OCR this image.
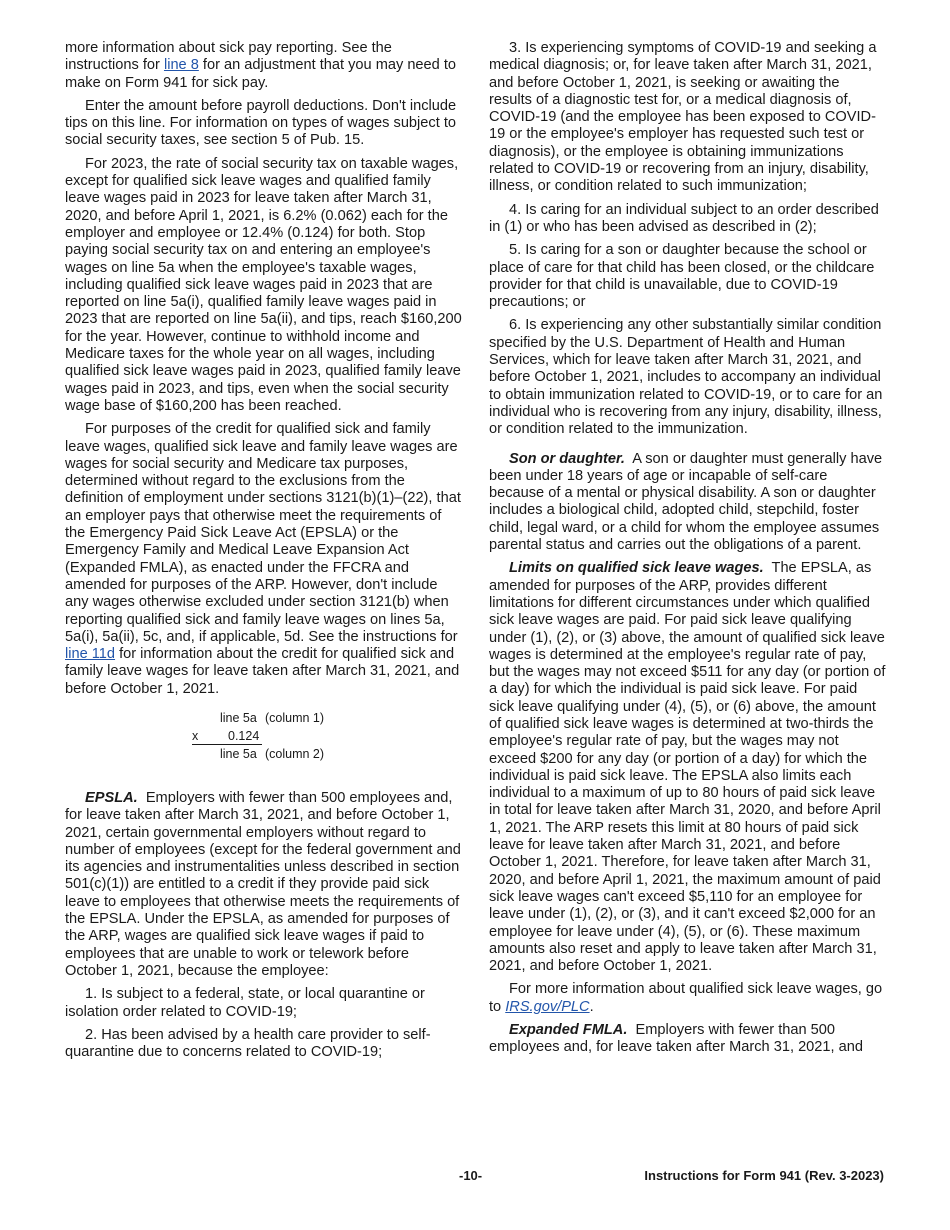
more information about sick pay reporting. See the instructions for line 8 for an adjustment that you may need to make on Form 941 for sick pay.

Enter the amount before payroll deductions. Don't include tips on this line. For information on types of wages subject to social security taxes, see section 5 of Pub. 15.

For 2023, the rate of social security tax on taxable wages, except for qualified sick leave wages and qualified family leave wages paid in 2023 for leave taken after March 31, 2020, and before April 1, 2021, is 6.2% (0.062) each for the employer and employee or 12.4% (0.124) for both. Stop paying social security tax on and entering an employee's wages on line 5a when the employee's taxable wages, including qualified sick leave wages paid in 2023 that are reported on line 5a(i), qualified family leave wages paid in 2023 that are reported on line 5a(ii), and tips, reach $160,200 for the year. However, continue to withhold income and Medicare taxes for the whole year on all wages, including qualified sick leave wages paid in 2023, qualified family leave wages paid in 2023, and tips, even when the social security wage base of $160,200 has been reached.

For purposes of the credit for qualified sick and family leave wages, qualified sick leave and family leave wages are wages for social security and Medicare tax purposes, determined without regard to the exclusions from the definition of employment under sections 3121(b)(1)–(22), that an employer pays that otherwise meet the requirements of the Emergency Paid Sick Leave Act (EPSLA) or the Emergency Family and Medical Leave Expansion Act (Expanded FMLA), as enacted under the FFCRA and amended for purposes of the ARP. However, don't include any wages otherwise excluded under section 3121(b) when reporting qualified sick and family leave wages on lines 5a, 5a(i), 5a(ii), 5c, and, if applicable, 5d. See the instructions for line 11d for information about the credit for qualified sick and family leave wages for leave taken after March 31, 2021, and before October 1, 2021.

line 5a (column 1)
x 0.124
line 5a (column 2)

EPSLA. Employers with fewer than 500 employees and, for leave taken after March 31, 2021, and before October 1, 2021, certain governmental employers without regard to number of employees (except for the federal government and its agencies and instrumentalities unless described in section 501(c)(1)) are entitled to a credit if they provide paid sick leave to employees that otherwise meets the requirements of the EPSLA. Under the EPSLA, as amended for purposes of the ARP, wages are qualified sick leave wages if paid to employees that are unable to work or telework before October 1, 2021, because the employee:

1. Is subject to a federal, state, or local quarantine or isolation order related to COVID-19;

2. Has been advised by a health care provider to self-quarantine due to concerns related to COVID-19;

3. Is experiencing symptoms of COVID-19 and seeking a medical diagnosis; or, for leave taken after March 31, 2021, and before October 1, 2021, is seeking or awaiting the results of a diagnostic test for, or a medical diagnosis of, COVID-19 (and the employee has been exposed to COVID-19 or the employee's employer has requested such test or diagnosis), or the employee is obtaining immunizations related to COVID-19 or recovering from an injury, disability, illness, or condition related to such immunization;

4. Is caring for an individual subject to an order described in (1) or who has been advised as described in (2);

5. Is caring for a son or daughter because the school or place of care for that child has been closed, or the childcare provider for that child is unavailable, due to COVID-19 precautions; or

6. Is experiencing any other substantially similar condition specified by the U.S. Department of Health and Human Services, which for leave taken after March 31, 2021, and before October 1, 2021, includes to accompany an individual to obtain immunization related to COVID-19, or to care for an individual who is recovering from any injury, disability, illness, or condition related to the immunization.

Son or daughter. A son or daughter must generally have been under 18 years of age or incapable of self-care because of a mental or physical disability. A son or daughter includes a biological child, adopted child, stepchild, foster child, legal ward, or a child for whom the employee assumes parental status and carries out the obligations of a parent.

Limits on qualified sick leave wages. The EPSLA, as amended for purposes of the ARP, provides different limitations for different circumstances under which qualified sick leave wages are paid. For paid sick leave qualifying under (1), (2), or (3) above, the amount of qualified sick leave wages is determined at the employee's regular rate of pay, but the wages may not exceed $511 for any day (or portion of a day) for which the individual is paid sick leave. For paid sick leave qualifying under (4), (5), or (6) above, the amount of qualified sick leave wages is determined at two-thirds the employee's regular rate of pay, but the wages may not exceed $200 for any day (or portion of a day) for which the individual is paid sick leave. The EPSLA also limits each individual to a maximum of up to 80 hours of paid sick leave in total for leave taken after March 31, 2020, and before April 1, 2021. The ARP resets this limit at 80 hours of paid sick leave for leave taken after March 31, 2021, and before October 1, 2021. Therefore, for leave taken after March 31, 2020, and before April 1, 2021, the maximum amount of paid sick leave wages can't exceed $5,110 for an employee for leave under (1), (2), or (3), and it can't exceed $2,000 for an employee for leave under (4), (5), or (6). These maximum amounts also reset and apply to leave taken after March 31, 2021, and before October 1, 2021.

For more information about qualified sick leave wages, go to IRS.gov/PLC.

Expanded FMLA. Employers with fewer than 500 employees and, for leave taken after March 31, 2021, and

-10-	Instructions for Form 941 (Rev. 3-2023)
